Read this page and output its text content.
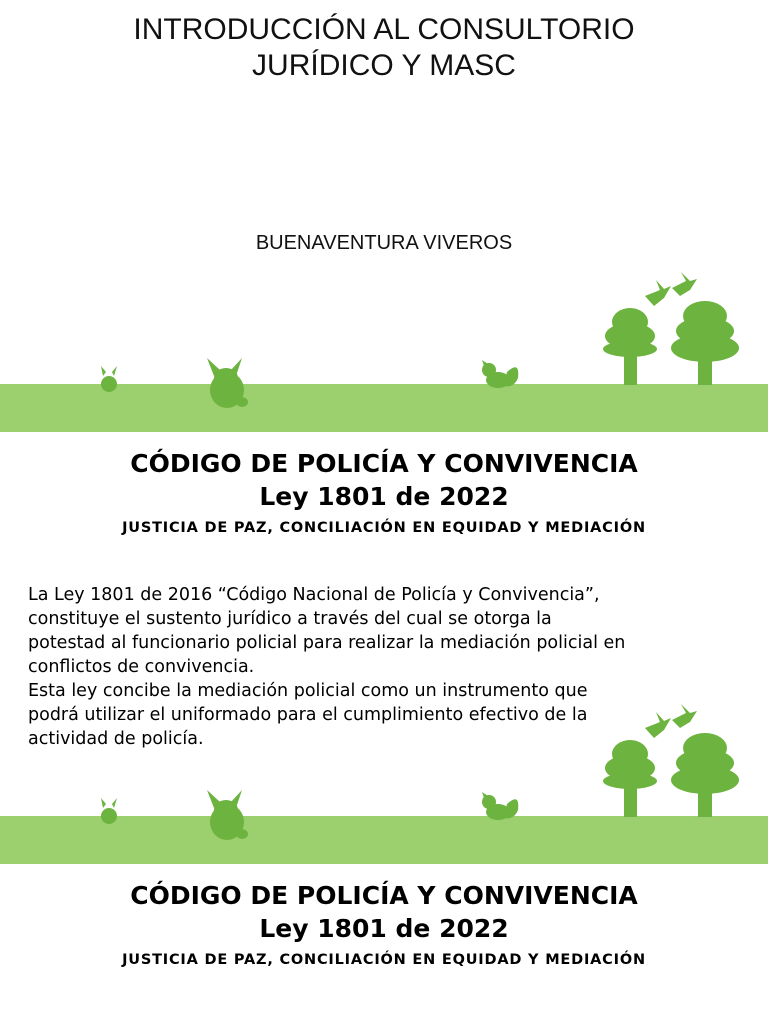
INTRODUCCIÓN AL CONSULTORIO
JURÍDICO Y MASC
BUENAVENTURA VIVEROS
CÓDIGO DE POLICÍA Y CONVIVENCIA
Ley 1801 de 2022
JUSTICIA DE PAZ, CONCILIACIÓN EN EQUIDAD Y MEDIACIÓN

La Ley 1801 de 2016 “Código Nacional de Policía y Convivencia”,

constituye el sustento jurídico a través del cual se otorga la

potestad al funcionario policial para realizar la mediación policial en

conflictos de convivencia.

Esta ley concibe la mediación policial como un instrumento que

podrá utilizar el uniformado para el cumplimiento efectivo de la

actividad de policía.

CÓDIGO DE POLICÍA Y CONVIVENCIA
Ley 1801 de 2022
JUSTICIA DE PAZ, CONCILIACIÓN EN EQUIDAD Y MEDIACIÓN
